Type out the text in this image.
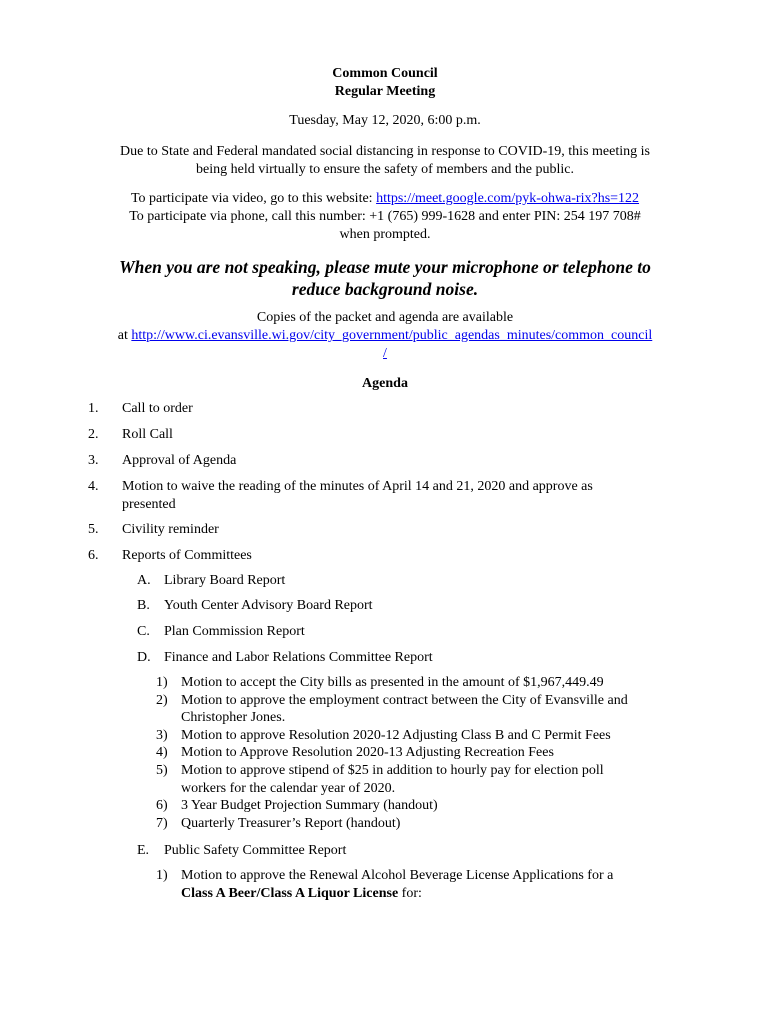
Common Council
Regular Meeting
Tuesday, May 12, 2020, 6:00 p.m.
Due to State and Federal mandated social distancing in response to COVID-19, this meeting is
being held virtually to ensure the safety of members and the public.
To participate via video, go to this website: https://meet.google.com/pyk-ohwa-rix?hs=122
To participate via phone, call this number: +1 (765) 999-1628 and enter PIN: 254 197 708#
when prompted.
When you are not speaking, please mute your microphone or telephone to
reduce background noise.
Copies of the packet and agenda are available
at http://www.ci.evansville.wi.gov/city_government/public_agendas_minutes/common_council
/
Agenda
1. Call to order
2. Roll Call
3. Approval of Agenda
4. Motion to waive the reading of the minutes of April 14 and 21, 2020 and approve as
presented
5. Civility reminder
6. Reports of Committees
A. Library Board Report
B. Youth Center Advisory Board Report
C. Plan Commission Report
D. Finance and Labor Relations Committee Report
1) Motion to accept the City bills as presented in the amount of $1,967,449.49
2) Motion to approve the employment contract between the City of Evansville and
Christopher Jones.
3) Motion to approve Resolution 2020-12 Adjusting Class B and C Permit Fees
4) Motion to Approve Resolution 2020-13 Adjusting Recreation Fees
5) Motion to approve stipend of $25 in addition to hourly pay for election poll
workers for the calendar year of 2020.
6) 3 Year Budget Projection Summary (handout)
7) Quarterly Treasurer’s Report (handout)
E. Public Safety Committee Report
1) Motion to approve the Renewal Alcohol Beverage License Applications for a
Class A Beer/Class A Liquor License for:
